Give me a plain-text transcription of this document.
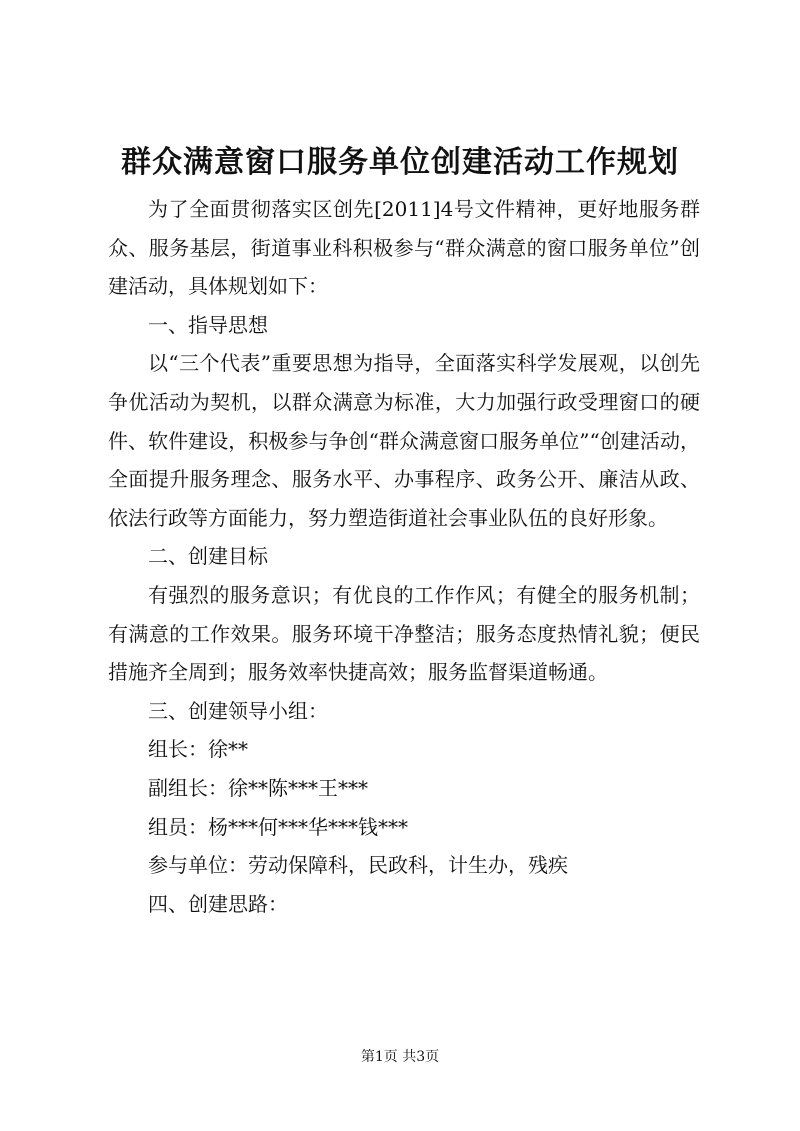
群众满意窗口服务单位创建活动工作规划

为了全面贯彻落实区创先[2011]4号文件精神，更好地服务群众、服务基层，街道事业科积极参与“群众满意的窗口服务单位”创建活动，具体规划如下：

一、指导思想

以“三个代表”重要思想为指导，全面落实科学发展观，以创先争优活动为契机，以群众满意为标准，大力加强行政受理窗口的硬件、软件建设，积极参与争创“群众满意窗口服务单位”“创建活动，全面提升服务理念、服务水平、办事程序、政务公开、廉洁从政、依法行政等方面能力，努力塑造街道社会事业队伍的良好形象。

二、创建目标

有强烈的服务意识；有优良的工作作风；有健全的服务机制；有满意的工作效果。服务环境干净整洁；服务态度热情礼貌；便民措施齐全周到；服务效率快捷高效；服务监督渠道畅通。

三、创建领导小组：

组长：徐**

副组长：徐**陈***王***

组员：杨***何***华***钱***

参与单位：劳动保障科，民政科，计生办，残疾

四、创建思路：

第1页 共3页
